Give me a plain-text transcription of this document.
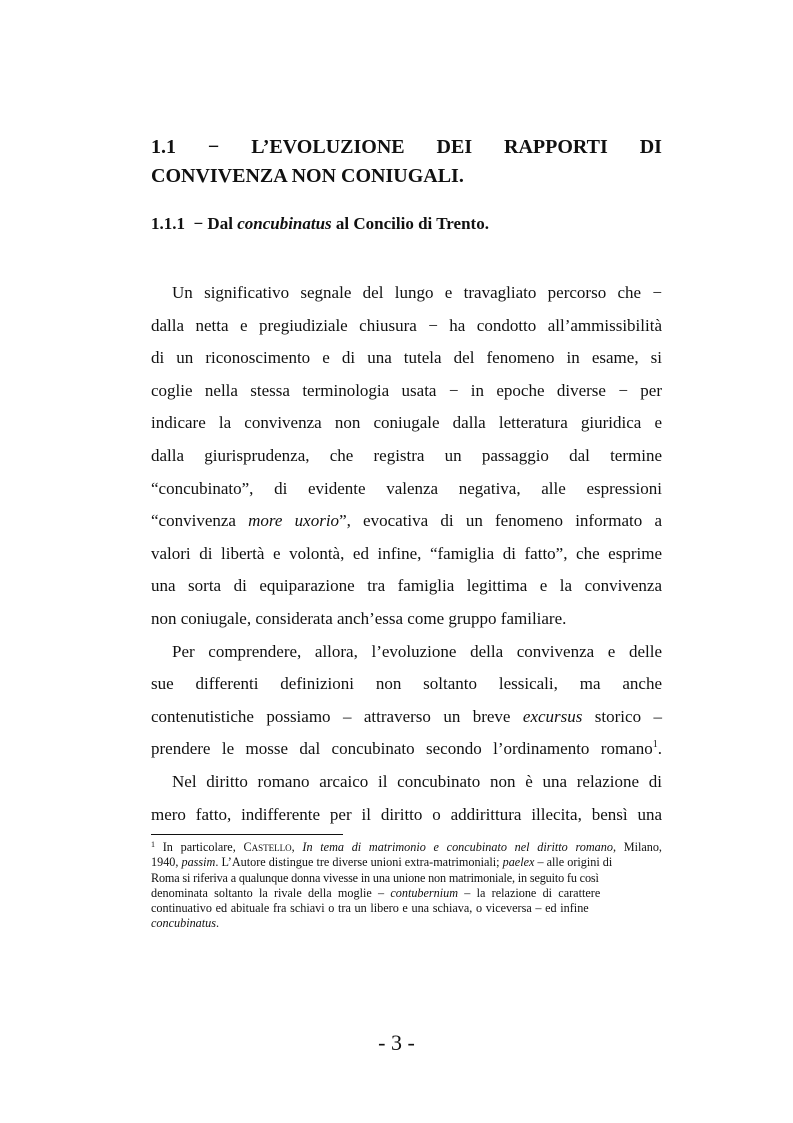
1.1 − L’EVOLUZIONE DEI RAPPORTI DI
CONVIVENZA NON CONIUGALI.
1.1.1 − Dal concubinatus al Concilio di Trento.
Un significativo segnale del lungo e travagliato percorso che −
dalla netta e pregiudiziale chiusura − ha condotto all’ammissibilità
di un riconoscimento e di una tutela del fenomeno in esame, si
coglie nella stessa terminologia usata − in epoche diverse − per
indicare la convivenza non coniugale dalla letteratura giuridica e
dalla giurisprudenza, che registra un passaggio dal termine
“concubinato”, di evidente valenza negativa, alle espressioni
“convivenza more uxorio”, evocativa di un fenomeno informato a
valori di libertà e volontà, ed infine, “famiglia di fatto”, che esprime
una sorta di equiparazione tra famiglia legittima e la convivenza
non coniugale, considerata anch’essa come gruppo familiare.
Per comprendere, allora, l’evoluzione della convivenza e delle
sue differenti definizioni non soltanto lessicali, ma anche
contenutistiche possiamo – attraverso un breve excursus storico –
prendere le mosse dal concubinato secondo l’ordinamento romano$^1$.
Nel diritto romano arcaico il concubinato non è una relazione di
mero fatto, indifferente per il diritto o addirittura illecita, bensì una
$^1$ In particolare, Castello, In tema di matrimonio e concubinato nel diritto romano, Milano,
1940, passim. L’Autore distingue tre diverse unioni extra-matrimoniali; paelex – alle origini di
Roma si riferiva a qualunque donna vivesse in una unione non matrimoniale, in seguito fu così
denominata soltanto la rivale della moglie – contubernium – la relazione di carattere
continuativo ed abituale fra schiavi o tra un libero e una schiava, o viceversa – ed infine
concubinatus.
- 3 -
